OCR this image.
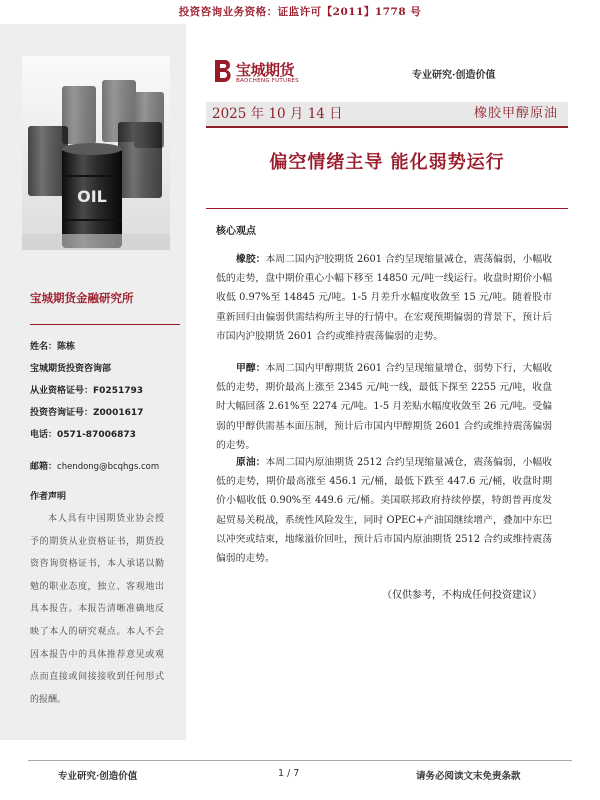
投资咨询业务资格：证监许可【2011】1778 号
OIL
宝城期货金融研究所
姓名：陈栋
宝城期货投资咨询部
从业资格证号：F0251793
投资咨询证号：Z0001617
电话：0571-87006873
邮箱：chendong@bcqhgs.com
作者声明
本人具有中国期货业协会授予的期货从业资格证书，期货投资咨询资格证书，本人承诺以勤勉的职业态度，独立、客观地出具本报告。本报告清晰准确地反映了本人的研究观点。本人不会因本报告中的具体推荐意见或观点而直接或间接接收到任何形式的报酬。
宝城期货
BAOCHENG FUTURES	专业研究·创造价值
2025 年 10 月 14 日	橡胶甲醇原油
偏空情绪主导 能化弱势运行
核心观点
橡胶：本周二国内沪胶期货 2601 合约呈现缩量减仓，震荡偏弱，小幅收低的走势，盘中期价重心小幅下移至 14850 元/吨一线运行。收盘时期价小幅收低 0.97%至 14845 元/吨。1-5 月差升水幅度收敛至 15 元/吨。随着股市重新回归由偏弱供需结构所主导的行情中。在宏观预期偏弱的背景下，预计后市国内沪胶期货 2601 合约或维持震荡偏弱的走势。
甲醇：本周二国内甲醇期货 2601 合约呈现缩量增仓，弱势下行，大幅收低的走势，期价最高上涨至 2345 元/吨一线，最低下探至 2255 元/吨，收盘时大幅回落 2.61%至 2274 元/吨。1-5 月差贴水幅度收敛至 26 元/吨。受偏弱的甲醇供需基本面压制，预计后市国内甲醇期货 2601 合约或维持震荡偏弱的走势。
原油：本周二国内原油期货 2512 合约呈现缩量减仓，震荡偏弱，小幅收低的走势，期价最高涨至 456.1 元/桶，最低下跌至 447.6 元/桶，收盘时期价小幅收低 0.90%至 449.6 元/桶。美国联邦政府持续停摆，特朗普再度发起贸易关税战，系统性风险发生，同时 OPEC+产油国继续增产，叠加中东巴以冲突或结束，地缘溢价回吐，预计后市国内原油期货 2512 合约或维持震荡偏弱的走势。
（仅供参考，不构成任何投资建议）
专业研究·创造价值	1 / 7	请务必阅读文末免责条款
